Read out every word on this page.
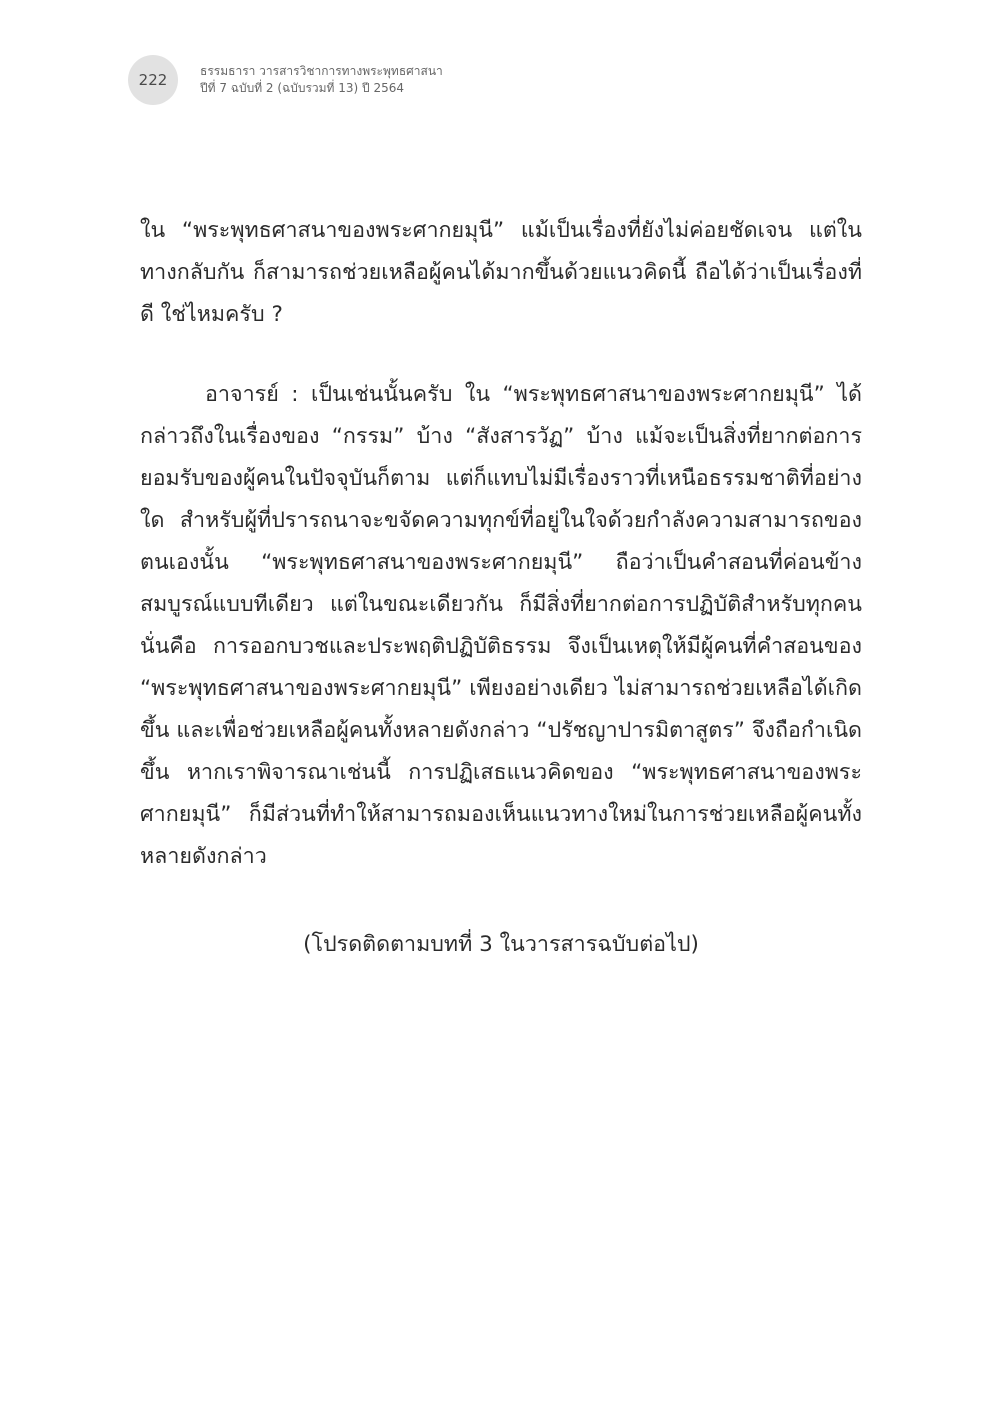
222	ธรรมธารา วารสารวิชาการทางพระพุทธศาสนา
ปีที่ 7 ฉบับที่ 2 (ฉบับรวมที่ 13) ปี 2564

ใน “พระพุทธศาสนาของพระศากยมุนี” แม้เป็นเรื่องที่ยังไม่ค่อยชัดเจน แต่ในทางกลับกัน ก็สามารถช่วยเหลือผู้คนได้มากขึ้นด้วยแนวคิดนี้ ถือได้ว่าเป็นเรื่องที่ดี ใช่ไหมครับ ?

อาจารย์ : เป็นเช่นนั้นครับ ใน “พระพุทธศาสนาของพระศากยมุนี” ได้กล่าวถึงในเรื่องของ “กรรม” บ้าง “สังสารวัฏ” บ้าง แม้จะเป็นสิ่งที่ยากต่อการยอมรับของผู้คนในปัจจุบันก็ตาม แต่ก็แทบไม่มีเรื่องราวที่เหนือธรรมชาติที่อย่างใด สำหรับผู้ที่ปรารถนาจะขจัดความทุกข์ที่อยู่ในใจด้วยกำลังความสามารถของตนเองนั้น “พระพุทธศาสนาของพระศากยมุนี” ถือว่าเป็นคำสอนที่ค่อนข้างสมบูรณ์แบบทีเดียว แต่ในขณะเดียวกัน ก็มีสิ่งที่ยากต่อการปฏิบัติสำหรับทุกคน นั่นคือ การออกบวชและประพฤติปฏิบัติธรรม จึงเป็นเหตุให้มีผู้คนที่คำสอนของ “พระพุทธศาสนาของพระศากยมุนี” เพียงอย่างเดียว ไม่สามารถช่วยเหลือได้เกิดขึ้น และเพื่อช่วยเหลือผู้คนทั้งหลายดังกล่าว “ปรัชญาปารมิตาสูตร” จึงถือกำเนิดขึ้น หากเราพิจารณาเช่นนี้ การปฏิเสธแนวคิดของ “พระพุทธศาสนาของพระศากยมุนี” ก็มีส่วนที่ทำให้สามารถมองเห็นแนวทางใหม่ในการช่วยเหลือผู้คนทั้งหลายดังกล่าว

(โปรดติดตามบทที่ 3 ในวารสารฉบับต่อไป)
